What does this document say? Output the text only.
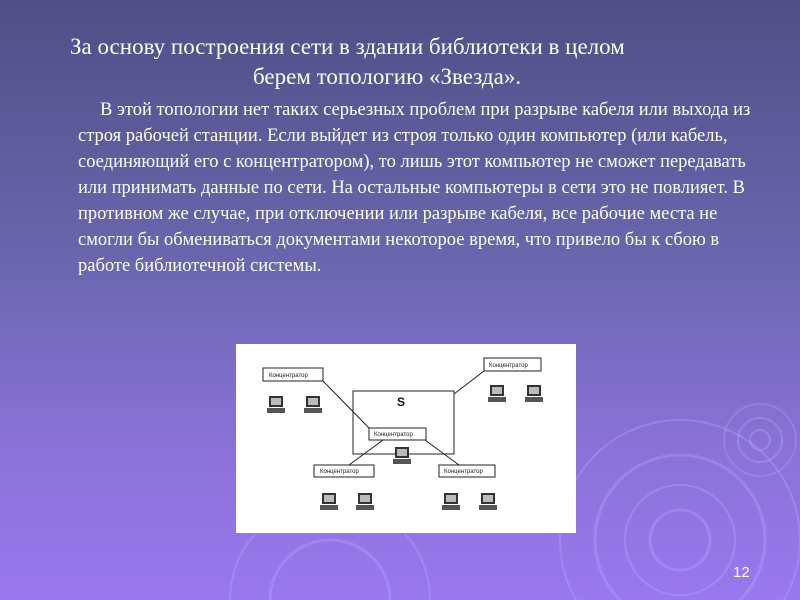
За основу построения сети в здании библиотеки в целом
берем топологию «Звезда».
В этой топологии нет таких серьезных проблем при разрыве кабеля или выхода из строя рабочей станции. Если выйдет из строя только один компьютер (или кабель, соединяющий его с концентратором), то лишь этот компьютер не сможет передавать или принимать данные по сети. На остальные компьютеры в сети это не повлияет. В противном же случае, при отключении или разрыве кабеля, все рабочие места не смогли бы обмениваться документами некоторое время, что привело бы к сбою в работе библиотечной системы.
S
Концентратор
Концентратор
Концентратор
Концентратор	Концентратор
12
